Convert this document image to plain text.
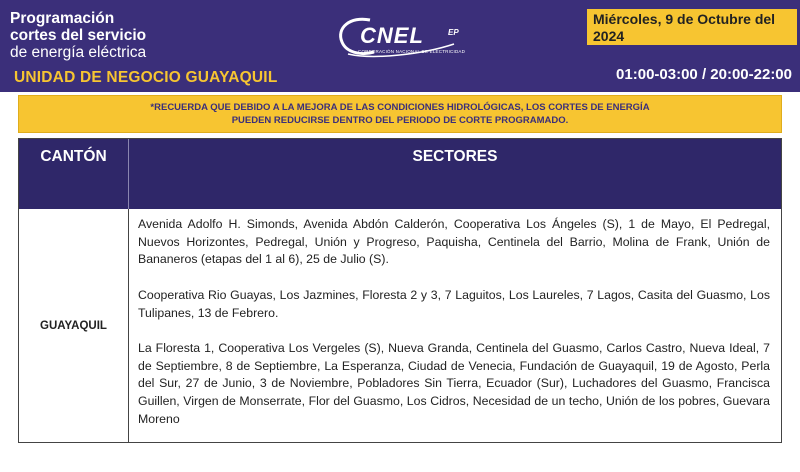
Programación
cortes del servicio
de energía eléctrica
UNIDAD DE NEGOCIO GUAYAQUIL
CNEL	EP
CORPORACIÓN NACIONAL DE ELECTRICIDAD
Miércoles, 9 de Octubre del 2024
01:00-03:00 / 20:00-22:00
*RECUERDA QUE DEBIDO A LA MEJORA DE LAS CONDICIONES HIDROLÓGICAS, LOS CORTES DE ENERGÍA
PUEDEN REDUCIRSE DENTRO DEL PERIODO DE CORTE PROGRAMADO.
CANTÓN	SECTORES
GUAYAQUIL

Avenida Adolfo H. Simonds, Avenida Abdón Calderón, Cooperativa Los Ángeles (S), 1 de Mayo, El Pedregal, Nuevos Horizontes, Pedregal, Unión y Progreso, Paquisha, Centinela del Barrio, Molina de Frank, Unión de Bananeros (etapas del 1 al 6), 25 de Julio (S).

Cooperativa Rio Guayas, Los Jazmines, Floresta 2 y 3, 7 Laguitos, Los Laureles, 7 Lagos, Casita del Guasmo, Los Tulipanes, 13 de Febrero.

La Floresta 1, Cooperativa Los Vergeles (S), Nueva Granda, Centinela del Guasmo, Carlos Castro, Nueva Ideal, 7 de Septiembre, 8 de Septiembre, La Esperanza, Ciudad de Venecia, Fundación de Guayaquil, 19 de Agosto, Perla del Sur, 27 de Junio, 3 de Noviembre, Pobladores Sin Tierra, Ecuador (Sur), Luchadores del Guasmo, Francisca Guillen, Virgen de Monserrate, Flor del Guasmo, Los Cidros, Necesidad de un techo, Unión de los pobres, Guevara Moreno
